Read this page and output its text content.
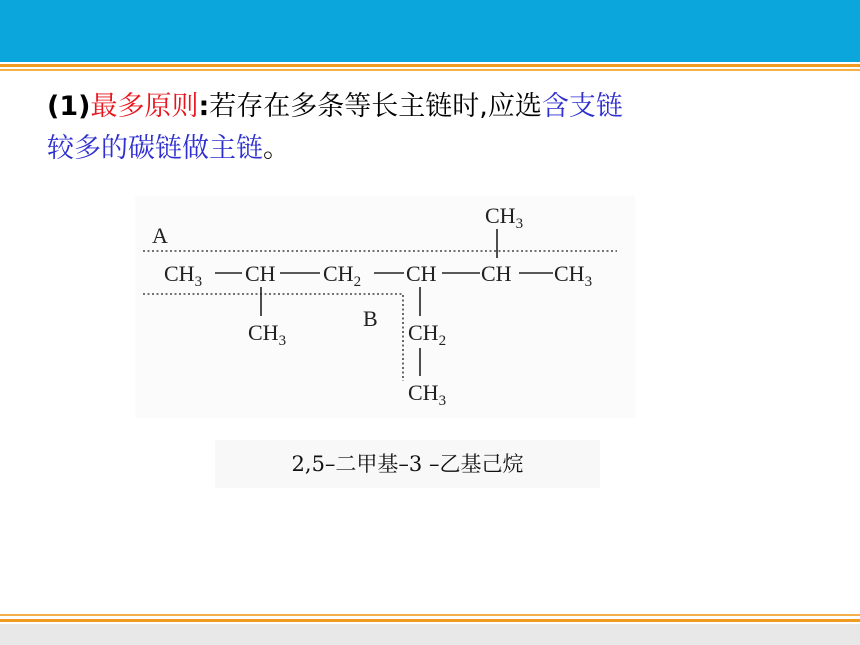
(1)最多原则:若存在多条等长主链时,应选含支链
较多的碳链做主链。
A
B
$CH_3$
$CH_3$ CH $CH_2$ CH CH $CH_3$
$CH_3$	$CH_2$
$CH_3$
2,5–二甲基–3 –乙基己烷
